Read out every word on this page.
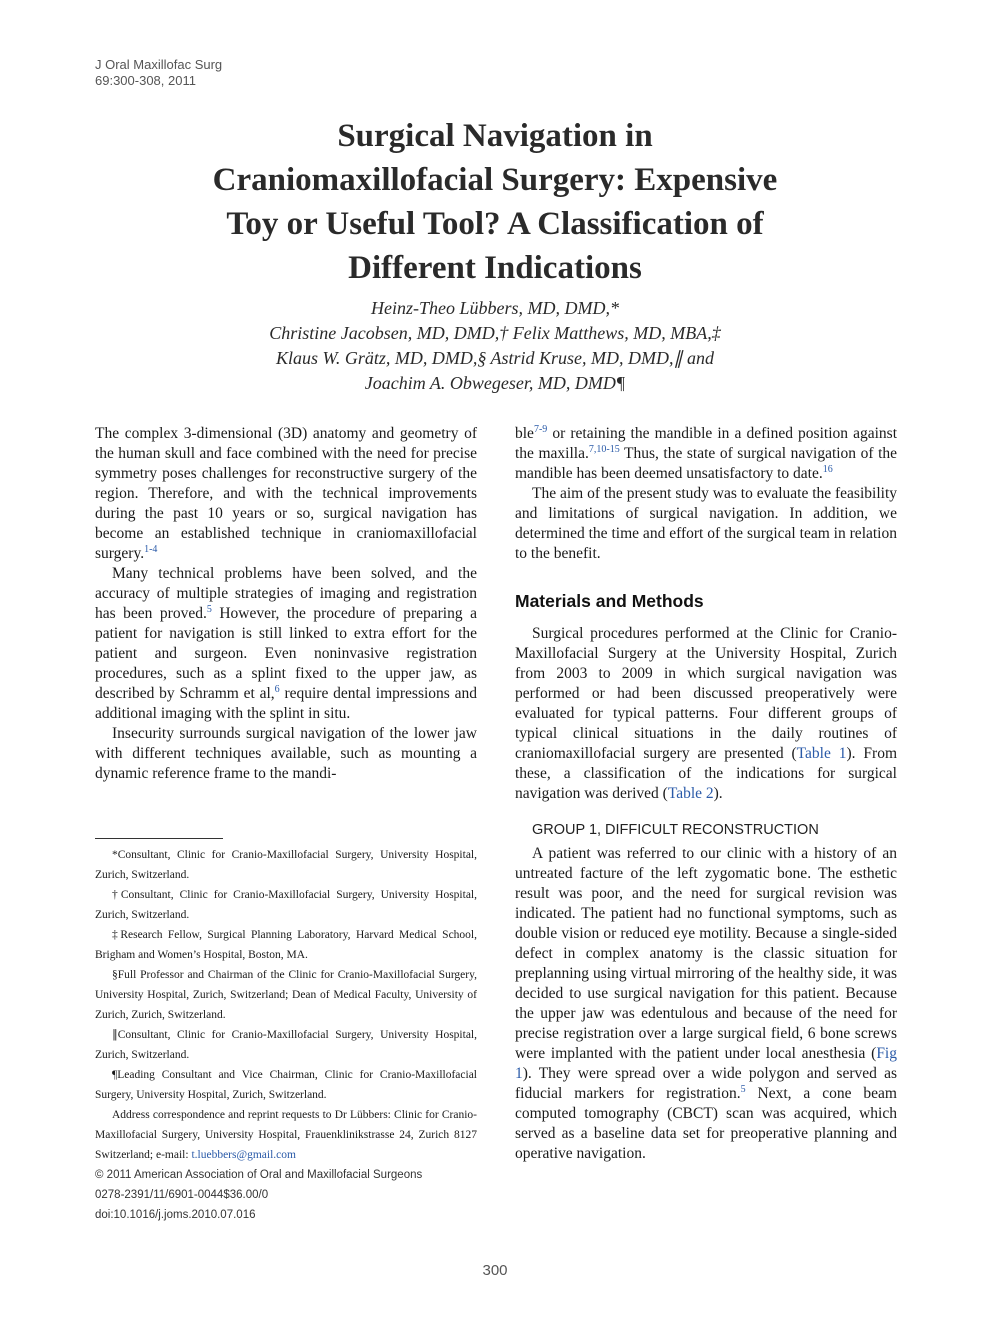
J Oral Maxillofac Surg
69:300-308, 2011
Surgical Navigation in
Craniomaxillofacial Surgery: Expensive
Toy or Useful Tool? A Classification of
Different Indications
Heinz-Theo Lübbers, MD, DMD,*
Christine Jacobsen, MD, DMD,† Felix Matthews, MD, MBA,‡
Klaus W. Grätz, MD, DMD,§ Astrid Kruse, MD, DMD,∥ and
Joachim A. Obwegeser, MD, DMD¶

The complex 3-dimensional (3D) anatomy and geometry of the human skull and face combined with the need for precise symmetry poses challenges for reconstructive surgery of the region. Therefore, and with the technical improvements during the past 10 years or so, surgical navigation has become an established technique in craniomaxillofacial surgery.$^{1-4}$

Many technical problems have been solved, and the accuracy of multiple strategies of imaging and registration has been proved.$^5$ However, the procedure of preparing a patient for navigation is still linked to extra effort for the patient and surgeon. Even noninvasive registration procedures, such as a splint fixed to the upper jaw, as described by Schramm et al,$^6$ require dental impressions and additional imaging with the splint in situ.

Insecurity surrounds surgical navigation of the lower jaw with different techniques available, such as mounting a dynamic reference frame to the mandi-

*Consultant, Clinic for Cranio-Maxillofacial Surgery, University Hospital, Zurich, Switzerland.

†Consultant, Clinic for Cranio-Maxillofacial Surgery, University Hospital, Zurich, Switzerland.

‡Research Fellow, Surgical Planning Laboratory, Harvard Medical School, Brigham and Women’s Hospital, Boston, MA.

§Full Professor and Chairman of the Clinic for Cranio-Maxillofacial Surgery, University Hospital, Zurich, Switzerland; Dean of Medical Faculty, University of Zurich, Zurich, Switzerland.

∥Consultant, Clinic for Cranio-Maxillofacial Surgery, University Hospital, Zurich, Switzerland.

¶Leading Consultant and Vice Chairman, Clinic for Cranio-Maxillofacial Surgery, University Hospital, Zurich, Switzerland.

Address correspondence and reprint requests to Dr Lübbers: Clinic for Cranio-Maxillofacial Surgery, University Hospital, Frauenklinikstrasse 24, Zurich 8127 Switzerland; e-mail: t.luebbers@gmail.com

© 2011 American Association of Oral and Maxillofacial Surgeons

0278-2391/11/6901-0044$36.00/0

doi:10.1016/j.joms.2010.07.016

ble$^{7-9}$ or retaining the mandible in a defined position against the maxilla.$^{7,10-15}$ Thus, the state of surgical navigation of the mandible has been deemed unsatisfactory to date.$^{16}$

The aim of the present study was to evaluate the feasibility and limitations of surgical navigation. In addition, we determined the time and effort of the surgical team in relation to the benefit.

Materials and Methods

Surgical procedures performed at the Clinic for Cranio-Maxillofacial Surgery at the University Hospital, Zurich from 2003 to 2009 in which surgical navigation was performed or had been discussed preoperatively were evaluated for typical patterns. Four different groups of typical clinical situations in the daily routines of craniomaxillofacial surgery are presented (Table 1). From these, a classification of the indications for surgical navigation was derived (Table 2).

GROUP 1, DIFFICULT RECONSTRUCTION

A patient was referred to our clinic with a history of an untreated facture of the left zygomatic bone. The esthetic result was poor, and the need for surgical revision was indicated. The patient had no functional symptoms, such as double vision or reduced eye motility. Because a single-sided defect in complex anatomy is the classic situation for preplanning using virtual mirroring of the healthy side, it was decided to use surgical navigation for this patient. Because the upper jaw was edentulous and because of the need for precise registration over a large surgical field, 6 bone screws were implanted with the patient under local anesthesia (Fig 1). They were spread over a wide polygon and served as fiducial markers for registration.$^5$ Next, a cone beam computed tomography (CBCT) scan was acquired, which served as a baseline data set for preoperative planning and operative navigation.

300
